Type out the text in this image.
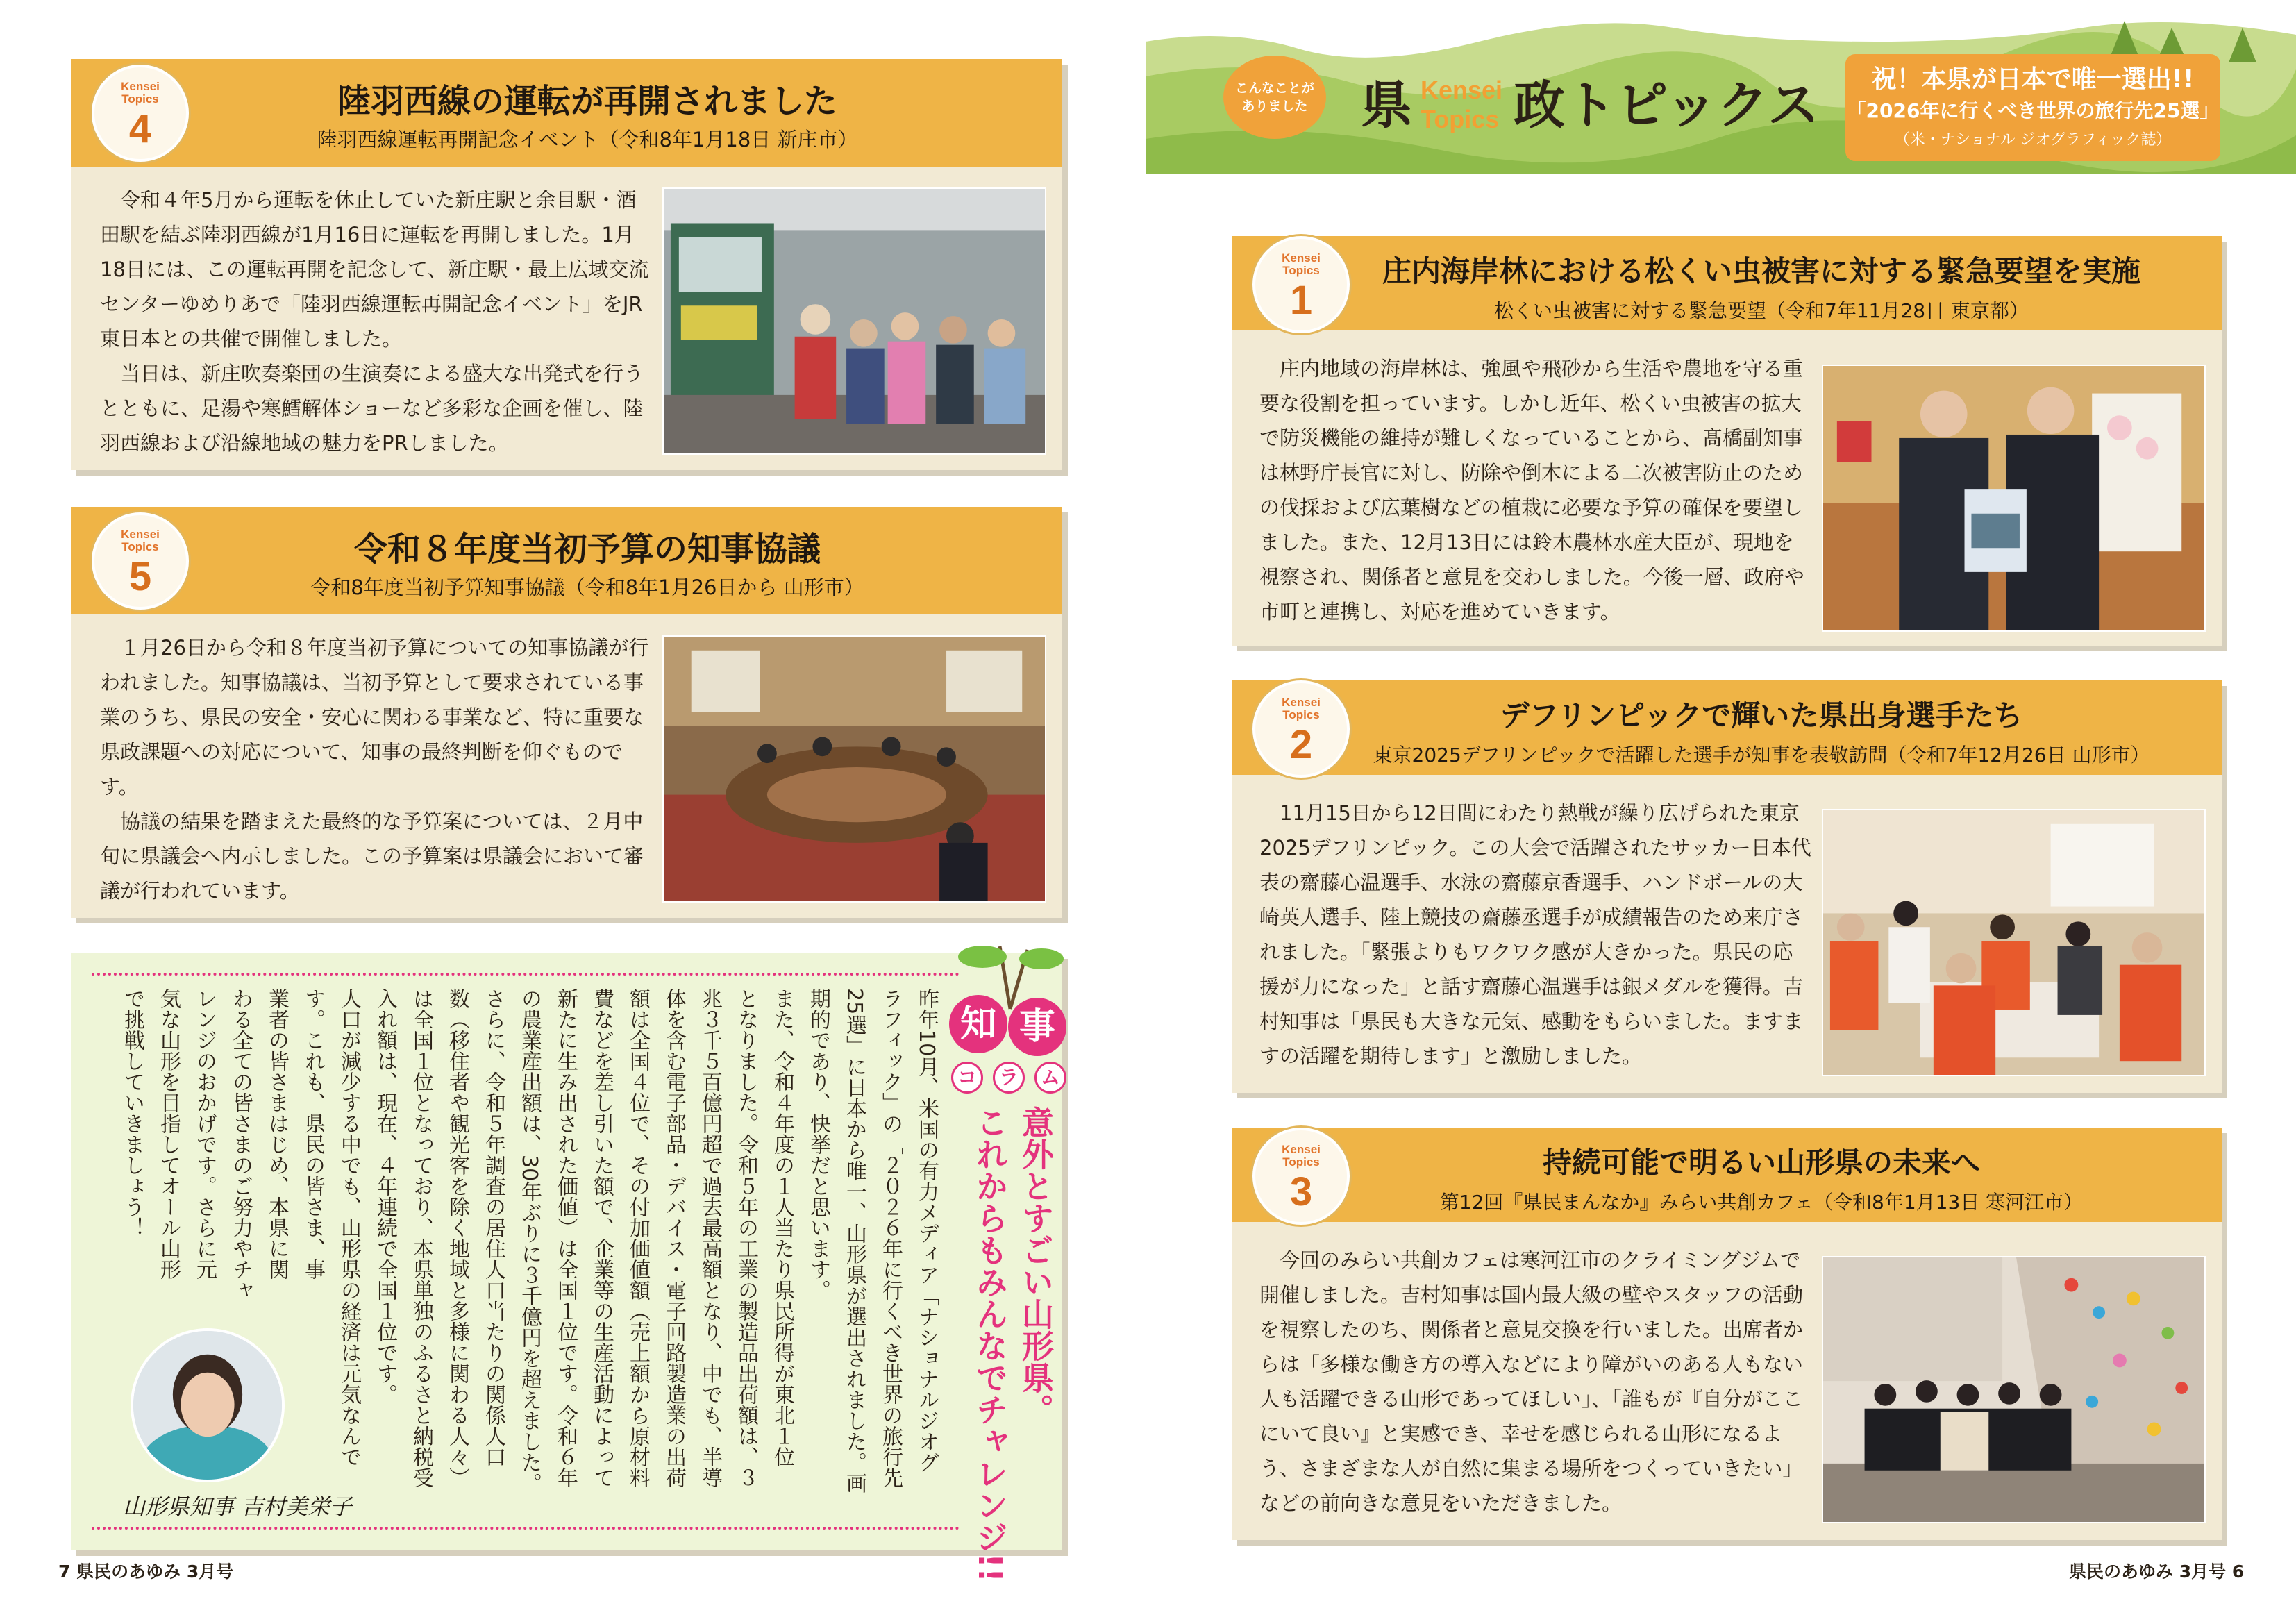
Kensei
Topics
4
陸羽西線の運転が再開されました
陸羽西線運転再開記念イベント（令和8年1月18日 新庄市）

令和４年5月から運転を休止していた新庄駅と余目駅・酒田駅を結ぶ陸羽西線が1月16日に運転を再開しました。1月18日には、この運転再開を記念して、新庄駅・最上広域交流センターゆめりあで「陸羽西線運転再開記念イベント」をJR東日本との共催で開催しました。

当日は、新庄吹奏楽団の生演奏による盛大な出発式を行うとともに、足湯や寒鱈解体ショーなど多彩な企画を催し、陸羽西線および沿線地域の魅力をPRしました。

Kensei
Topics
5
令和８年度当初予算の知事協議
令和8年度当初予算知事協議（令和8年1月26日から 山形市）

１月26日から令和８年度当初予算についての知事協議が行われました。知事協議は、当初予算として要求されている事業のうち、県民の安全・安心に関わる事業など、特に重要な県政課題への対応について、知事の最終判断を仰ぐものです。

協議の結果を踏まえた最終的な予算案については、２月中旬に県議会へ内示しました。この予算案は県議会において審議が行われています。

知 事
コ	ラ	ム
意外とすごい山形県。
これからもみんなでチャレンジ!!
昨年10月、米国の有力メディア「ナショナルジオグ
ラフィック」の「２０２６年に行くべき世界の旅行先
25選」に日本から唯一、山形県が選出されました。画
期的であり、快挙だと思います。
また、令和４年度の１人当たり県民所得が東北１位
となりました。令和５年の工業の製造品出荷額は、３
兆３千５百億円超で過去最高額となり、中でも、半導
体を含む電子部品・デバイス・電子回路製造業の出荷
額は全国４位で、その付加価値額（売上額から原材料
費などを差し引いた額で、企業等の生産活動によって
新たに生み出された価値）は全国１位です。令和６年
の農業産出額は、30年ぶりに３千億円を超えました。
さらに、令和５年調査の居住人口当たりの関係人口
数（移住者や観光客を除く地域と多様に関わる人々）
は全国１位となっており、本県単独のふるさと納税受
入れ額は、現在、４年連続で全国１位です。
人口が減少する中でも、山形県の経済は元気なんで
す。これも、県民の皆さま、事
業者の皆さまはじめ、本県に関
わる全ての皆さまのご努力やチャ
レンジのおかげです。さらに元
気な山形を目指してオール山形
で挑戦していきましょう！
山形県知事 吉村美栄子
7 県民のあゆみ 3月号
こんなことが
ありました	県 Kensei
Topics 政トピックス	祝！本県が日本で唯一選出!!
「2026年に行くべき世界の旅行先25選」
（米・ナショナル ジオグラフィック誌）
Kensei
Topics
1
庄内海岸林における松くい虫被害に対する緊急要望を実施
松くい虫被害に対する緊急要望（令和7年11月28日 東京都）

庄内地域の海岸林は、強風や飛砂から生活や農地を守る重要な役割を担っています。しかし近年、松くい虫被害の拡大で防災機能の維持が難しくなっていることから、髙橋副知事は林野庁長官に対し、防除や倒木による二次被害防止のための伐採および広葉樹などの植栽に必要な予算の確保を要望しました。また、12月13日には鈴木農林水産大臣が、現地を視察され、関係者と意見を交わしました。今後一層、政府や市町と連携し、対応を進めていきます。

Kensei
Topics
2
デフリンピックで輝いた県出身選手たち
東京2025デフリンピックで活躍した選手が知事を表敬訪問（令和7年12月26日 山形市）

11月15日から12日間にわたり熱戦が繰り広げられた東京2025デフリンピック。この大会で活躍されたサッカー日本代表の齋藤心温選手、水泳の齋藤京香選手、ハンドボールの大崎英人選手、陸上競技の齋藤丞選手が成績報告のため来庁されました。「緊張よりもワクワク感が大きかった。県民の応援が力になった」と話す齋藤心温選手は銀メダルを獲得。吉村知事は「県民も大きな元気、感動をもらいました。ますますの活躍を期待します」と激励しました。

Kensei
Topics
3
持続可能で明るい山形県の未来へ
第12回『県民まんなか』みらい共創カフェ（令和8年1月13日 寒河江市）

今回のみらい共創カフェは寒河江市のクライミングジムで開催しました。吉村知事は国内最大級の壁やスタッフの活動を視察したのち、関係者と意見交換を行いました。出席者からは「多様な働き方の導入などにより障がいのある人もない人も活躍できる山形であってほしい」、「誰もが『自分がここにいて良い』と実感でき、幸せを感じられる山形になるよう、さまざまな人が自然に集まる場所をつくっていきたい」などの前向きな意見をいただきました。

県民のあゆみ 3月号 6
